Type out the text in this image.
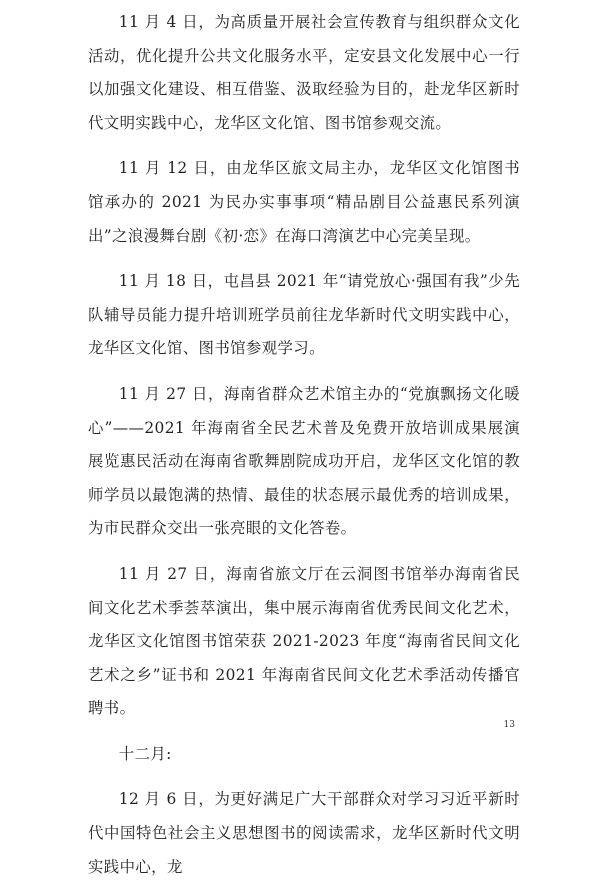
11 月 4 日，为高质量开展社会宣传教育与组织群众文化活动，优化提升公共文化服务水平，定安县文化发展中心一行以加强文化建设、相互借鉴、汲取经验为目的，赴龙华区新时代文明实践中心，龙华区文化馆、图书馆参观交流。

11 月 12 日，由龙华区旅文局主办，龙华区文化馆图书馆承办的 2021 为民办实事事项“精品剧目公益惠民系列演出”之浪漫舞台剧《初·恋》在海口湾演艺中心完美呈现。

11 月 18 日，屯昌县 2021 年“请党放心·强国有我”少先队辅导员能力提升培训班学员前往龙华新时代文明实践中心，龙华区文化馆、图书馆参观学习。

11 月 27 日，海南省群众艺术馆主办的“党旗飘扬文化暖心”——2021 年海南省全民艺术普及免费开放培训成果展演展览惠民活动在海南省歌舞剧院成功开启，龙华区文化馆的教师学员以最饱满的热情、最佳的状态展示最优秀的培训成果，为市民群众交出一张亮眼的文化答卷。

11 月 27 日，海南省旅文厅在云洞图书馆举办海南省民间文化艺术季荟萃演出，集中展示海南省优秀民间文化艺术，龙华区文化馆图书馆荣获 2021-2023 年度“海南省民间文化艺术之乡”证书和 2021 年海南省民间文化艺术季活动传播官聘书。

十二月:

12 月 6 日，为更好满足广大干部群众对学习习近平新时代中国特色社会主义思想图书的阅读需求，龙华区新时代文明实践中心，龙

13
